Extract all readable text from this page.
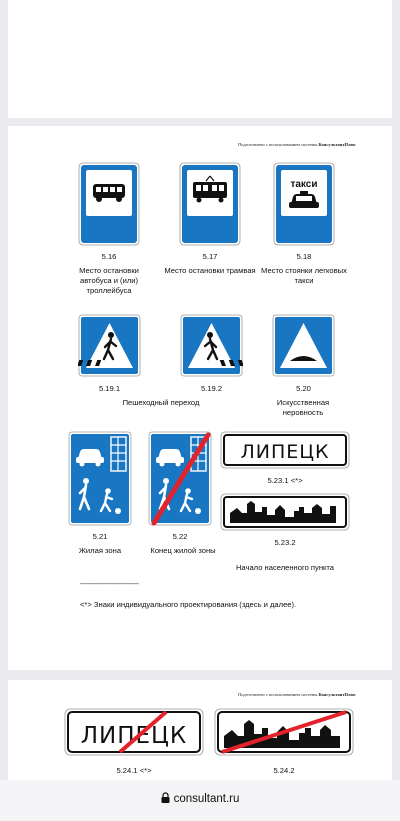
Подготовлено с использованием системы КонсультантПлюс
5.16
Место остановки автобуса и (или) троллейбуса
5.17
Место остановки трамвая
такси
5.18
Место стоянки легковых такси
5.19.1	5.19.2
Пешеходный переход
5.20
Искусственная неровность
5.21
Жилая зона
5.22
Конец жилой зоны
ЛИПЕЦК
5.23.1 <*>
5.23.2
Начало населенного пункта
--------------------------------
<*> Знаки индивидуального проектирования (здесь и далее).
Подготовлено с использованием системы КонсультантПлюс
ЛИПЕЦК
5.24.1 <*>	5.24.2
consultant.ru
